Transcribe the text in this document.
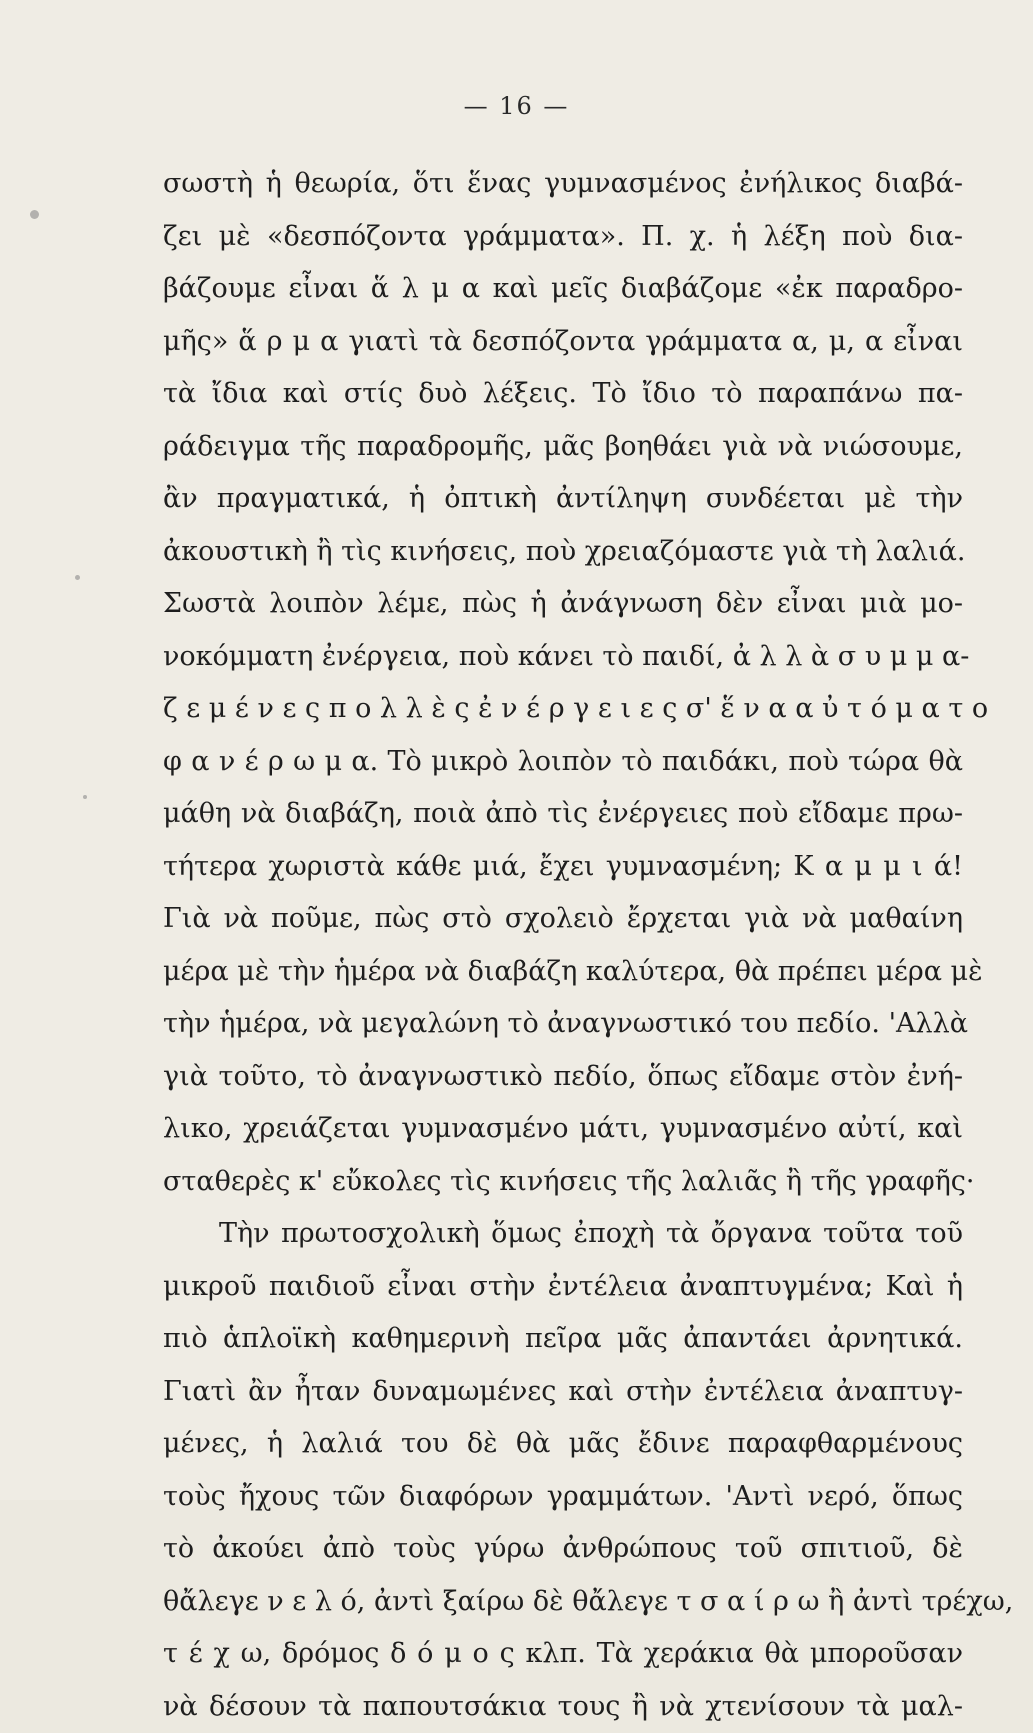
— 16 —
σωστὴ ἡ θεωρία, ὅτι ἕνας γυμνασμένος ἐνήλικος διαβά-
ζει μὲ «δεσπόζοντα γράμματα». Π. χ. ἡ λέξη ποὺ δια-
βάζουμε εἶναι ἅ λ μ α καὶ μεῖς διαβάζομε «ἐκ παραδρο-
μῆς» ἅ ρ μ α γιατὶ τὰ δεσπόζοντα γράμματα α, μ, α εἶναι
τὰ ἴδια καὶ στίς δυὸ λέξεις. Τὸ ἴδιο τὸ παραπάνω πα-
ράδειγμα τῆς παραδρομῆς, μᾶς βοηθάει γιὰ νὰ νιώσουμε,
ἂν πραγματικά, ἡ ὀπτικὴ ἀντίληψη συνδέεται μὲ τὴν
ἀκουστικὴ ἢ τὶς κινήσεις, ποὺ χρειαζόμαστε γιὰ τὴ λαλιά.
Σωστὰ λοιπὸν λέμε, πὼς ἡ ἀνάγνωση δὲν εἶναι μιὰ μο-
νοκόμματη ἐνέργεια, ποὺ κάνει τὸ παιδί, ἀ λ λ ὰ σ υ μ μ α-
ζ ε μ έ ν ε ς π ο λ λ ὲ ς ἐ ν έ ρ γ ε ι ε ς σ' ἕ ν α α ὐ τ ό μ α τ ο
φ α ν έ ρ ω μ α. Τὸ μικρὸ λοιπὸν τὸ παιδάκι, ποὺ τώρα θὰ
μάθη νὰ διαβάζη, ποιὰ ἀπὸ τὶς ἐνέργειες ποὺ εἴδαμε πρω-
τήτερα χωριστὰ κάθε μιά, ἔχει γυμνασμένη; Κ α μ μ ι ά!
Γιὰ νὰ ποῦμε, πὼς στὸ σχολειὸ ἔρχεται γιὰ νὰ μαθαίνη
μέρα μὲ τὴν ἡμέρα νὰ διαβάζη καλύτερα, θὰ πρέπει μέρα μὲ
τὴν ἡμέρα, νὰ μεγαλώνη τὸ ἀναγνωστικό του πεδίο. 'Αλλὰ
γιὰ τοῦτο, τὸ ἀναγνωστικὸ πεδίο, ὅπως εἴδαμε στὸν ἐνή-
λικο, χρειάζεται γυμνασμένο μάτι, γυμνασμένο αὐτί, καὶ
σταθερὲς κ' εὔκολες τὶς κινήσεις τῆς λαλιᾶς ἢ τῆς γραφῆς·
Τὴν πρωτοσχολικὴ ὅμως ἐποχὴ τὰ ὄργανα τοῦτα τοῦ
μικροῦ παιδιοῦ εἶναι στὴν ἐντέλεια ἀναπτυγμένα; Καὶ ἡ
πιὸ ἁπλοϊκὴ καθημερινὴ πεῖρα μᾶς ἀπαντάει ἀρνητικά.
Γιατὶ ἂν ἦταν δυναμωμένες καὶ στὴν ἐντέλεια ἀναπτυγ-
μένες, ἡ λαλιά του δὲ θὰ μᾶς ἔδινε παραφθαρμένους
τοὺς ἤχους τῶν διαφόρων γραμμάτων. 'Αντὶ νερό, ὅπως
τὸ ἀκούει ἀπὸ τοὺς γύρω ἀνθρώπους τοῦ σπιτιοῦ, δὲ
θἄλεγε ν ε λ ό, ἀντὶ ξαίρω δὲ θἄλεγε τ σ α ί ρ ω ἢ ἀντὶ τρέχω,
τ έ χ ω, δρόμος δ ό μ ο ς κλπ. Τὰ χεράκια θὰ μποροῦσαν
νὰ δέσουν τὰ παπουτσάκια τους ἢ νὰ χτενίσουν τὰ μαλ-
